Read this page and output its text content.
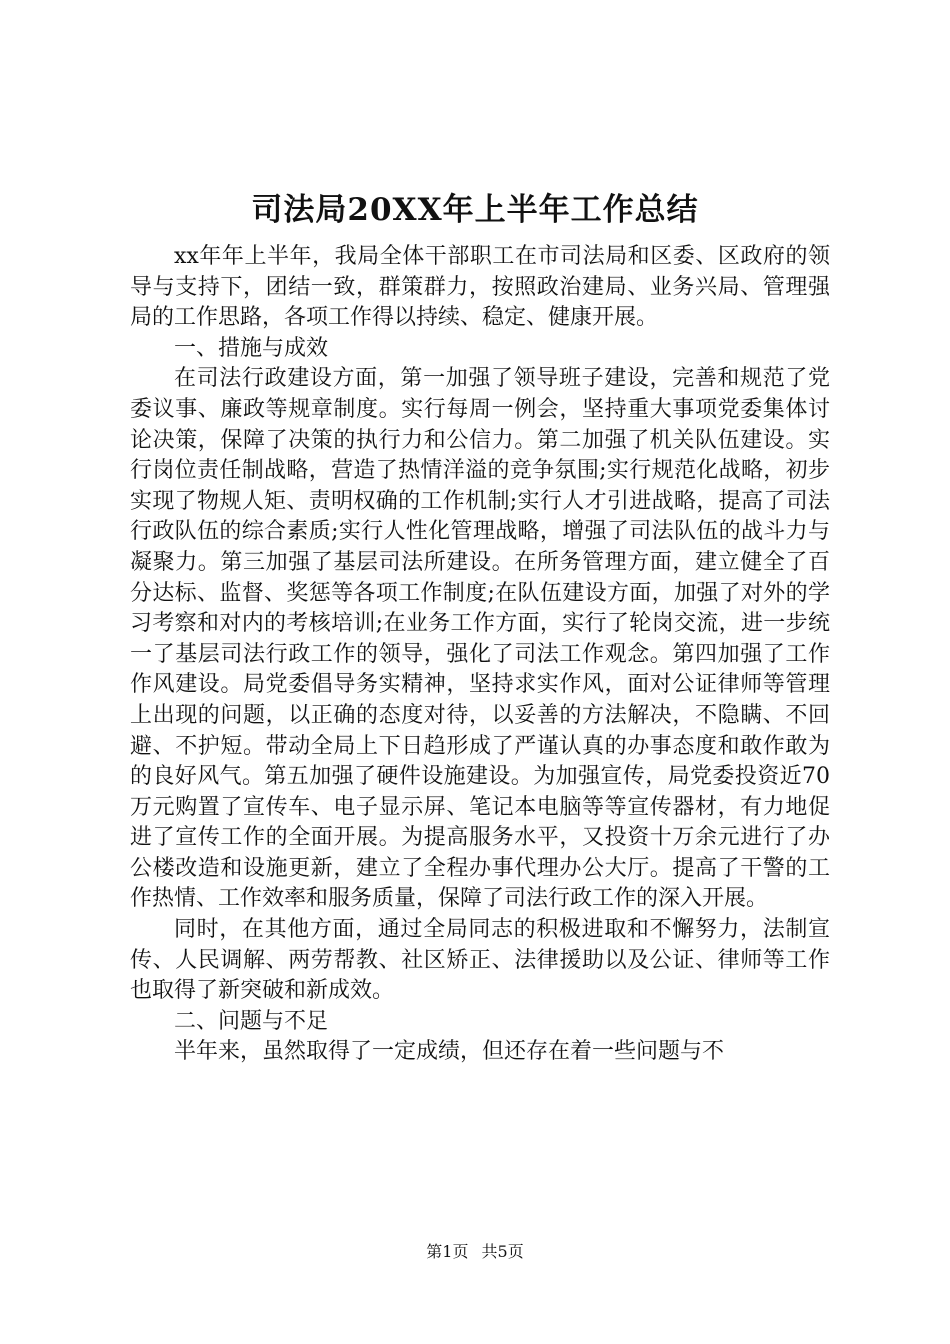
司法局20XX年上半年工作总结

xx年年上半年，我局全体干部职工在市司法局和区委、区政府的领导与支持下，团结一致，群策群力，按照政治建局、业务兴局、管理强局的工作思路，各项工作得以持续、稳定、健康开展。

一、措施与成效

在司法行政建设方面，第一加强了领导班子建设，完善和规范了党委议事、廉政等规章制度。实行每周一例会，坚持重大事项党委集体讨论决策，保障了决策的执行力和公信力。第二加强了机关队伍建设。实行岗位责任制战略，营造了热情洋溢的竞争氛围;实行规范化战略，初步实现了物规人矩、责明权确的工作机制;实行人才引进战略，提高了司法行政队伍的综合素质;实行人性化管理战略，增强了司法队伍的战斗力与凝聚力。第三加强了基层司法所建设。在所务管理方面，建立健全了百分达标、监督、奖惩等各项工作制度;在队伍建设方面，加强了对外的学习考察和对内的考核培训;在业务工作方面，实行了轮岗交流，进一步统一了基层司法行政工作的领导，强化了司法工作观念。第四加强了工作作风建设。局党委倡导务实精神，坚持求实作风，面对公证律师等管理上出现的问题，以正确的态度对待，以妥善的方法解决，不隐瞒、不回避、不护短。带动全局上下日趋形成了严谨认真的办事态度和敢作敢为的良好风气。第五加强了硬件设施建设。为加强宣传，局党委投资近70万元购置了宣传车、电子显示屏、笔记本电脑等等宣传器材，有力地促进了宣传工作的全面开展。为提高服务水平，又投资十万余元进行了办公楼改造和设施更新，建立了全程办事代理办公大厅。提高了干警的工作热情、工作效率和服务质量，保障了司法行政工作的深入开展。

同时，在其他方面，通过全局同志的积极进取和不懈努力，法制宣传、人民调解、两劳帮教、社区矫正、法律援助以及公证、律师等工作也取得了新突破和新成效。

二、问题与不足

半年来，虽然取得了一定成绩，但还存在着一些问题与不

第1页 共5页
